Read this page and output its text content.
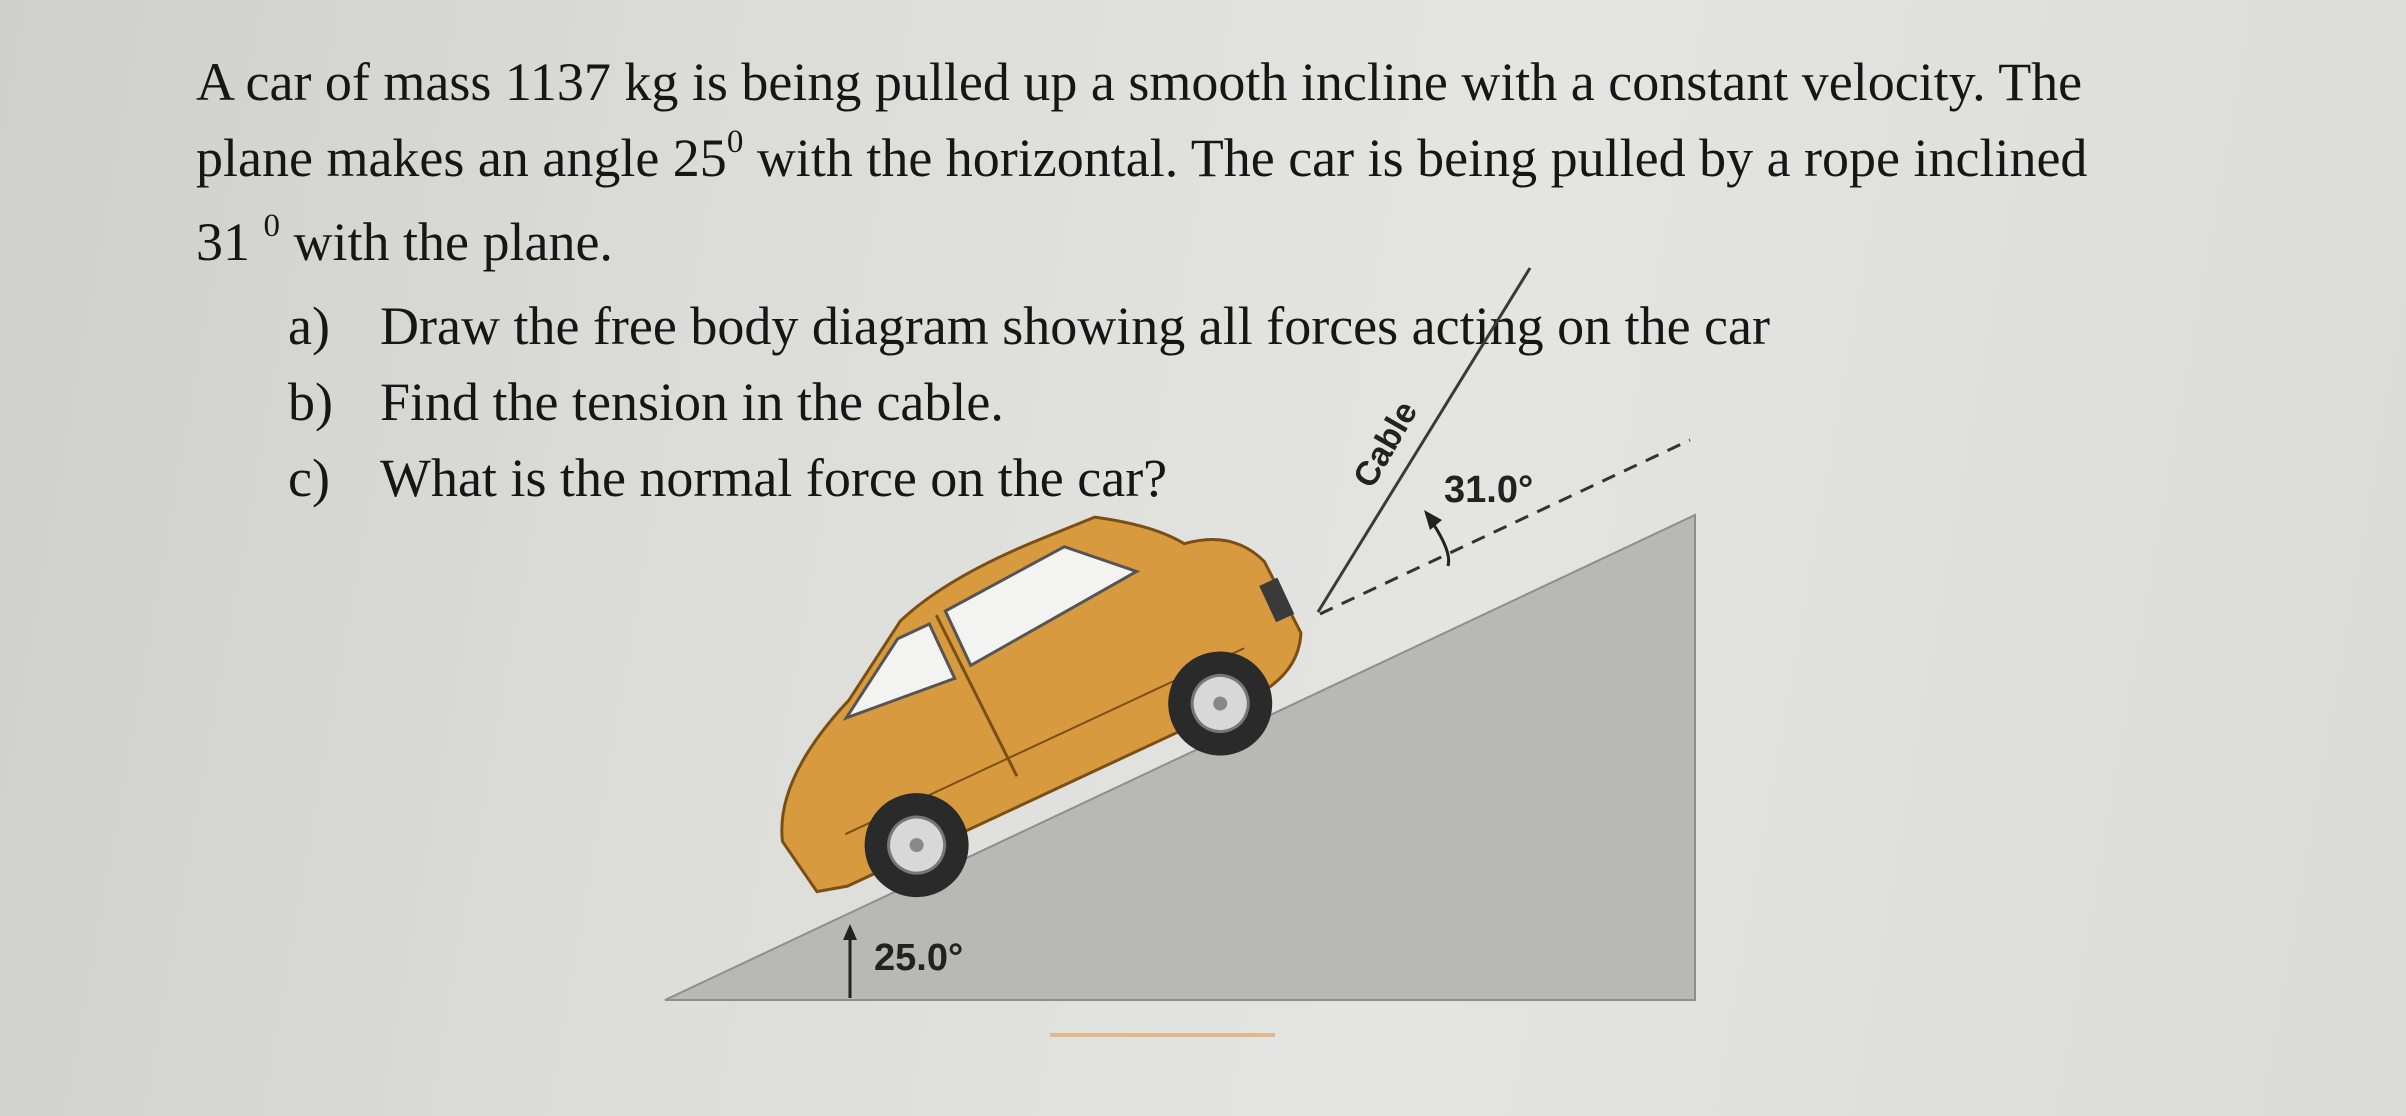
A car of mass 1137 kg is being pulled up a smooth incline with a constant velocity. The

plane makes an angle $25^0$ with the horizontal. The car is being pulled by a rope inclined

31 $^0$ with the plane.

a) Draw the free body diagram showing all forces acting on the car
b) Find the tension in the cable.
c) What is the normal force on the car?	Cable 31.0°
25.0°
